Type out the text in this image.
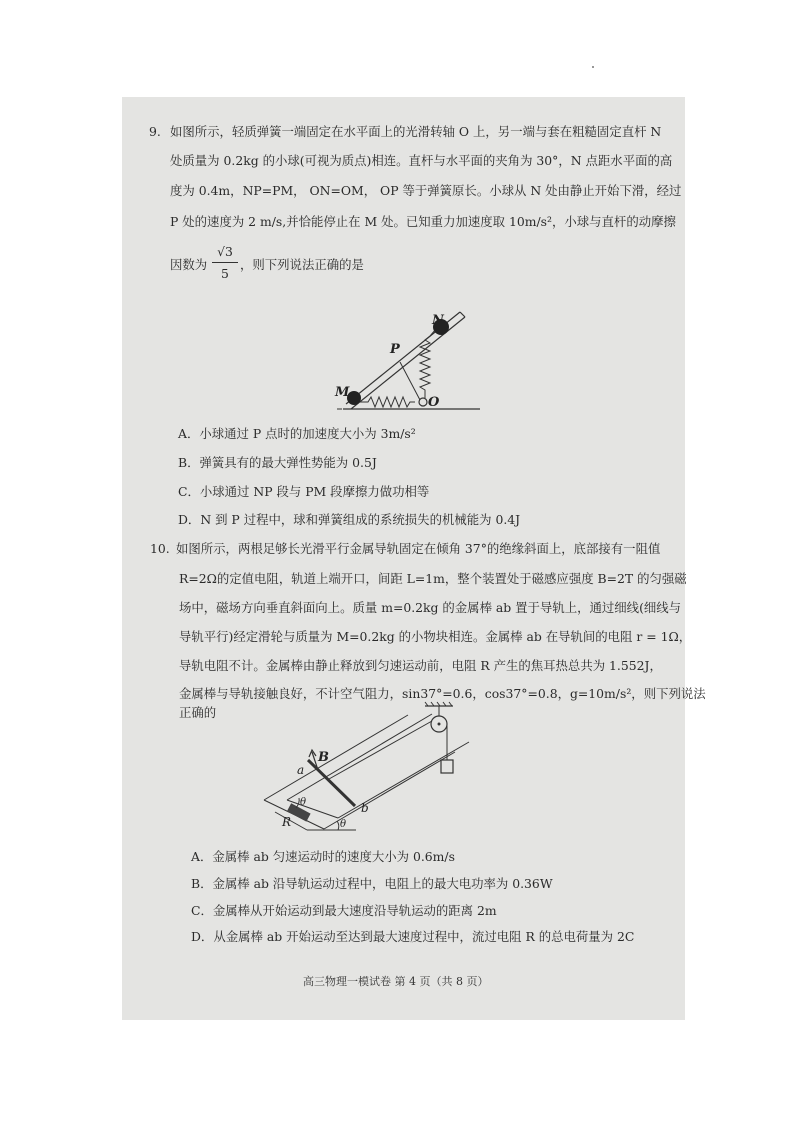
9. 如图所示，轻质弹簧一端固定在水平面上的光滑转轴 O 上，另一端与套在粗糙固定直杆 N
处质量为 0.2kg 的小球(可视为质点)相连。直杆与水平面的夹角为 30°，N 点距水平面的高
度为 0.4m，NP=PM， ON=OM， OP 等于弹簧原长。小球从 N 处由静止开始下滑，经过
P 处的速度为 2 m/s,并恰能停止在 M 处。已知重力加速度取 10m/s²，小球与直杆的动摩擦
因数为
√3
5
，则下列说法正确的是
N
P
M
O
A．小球通过 P 点时的加速度大小为 3m/s²
B．弹簧具有的最大弹性势能为 0.5J
C．小球通过 NP 段与 PM 段摩擦力做功相等
D．N 到 P 过程中，球和弹簧组成的系统损失的机械能为 0.4J
10. 如图所示，两根足够长光滑平行金属导轨固定在倾角 37°的绝缘斜面上，底部接有一阻值
R=2Ω的定值电阻，轨道上端开口，间距 L=1m，整个装置处于磁感应强度 B=2T 的匀强磁
场中，磁场方向垂直斜面向上。质量 m=0.2kg 的金属棒 ab 置于导轨上，通过细线(细线与
导轨平行)经定滑轮与质量为 M=0.2kg 的小物块相连。金属棒 ab 在导轨间的电阻 r = 1Ω，
导轨电阻不计。金属棒由静止释放到匀速运动前，电阻 R 产生的焦耳热总共为 1.552J，
金属棒与导轨接触良好，不计空气阻力，sin37°=0.6，cos37°=0.8，g=10m/s²，则下列说法
正确的
B
a
b
R
θ
θ
A．金属棒 ab 匀速运动时的速度大小为 0.6m/s
B．金属棒 ab 沿导轨运动过程中，电阻上的最大电功率为 0.36W
C．金属棒从开始运动到最大速度沿导轨运动的距离 2m
D．从金属棒 ab 开始运动至达到最大速度过程中，流过电阻 R 的总电荷量为 2C
高三物理一模试卷 第 4 页（共 8 页）
